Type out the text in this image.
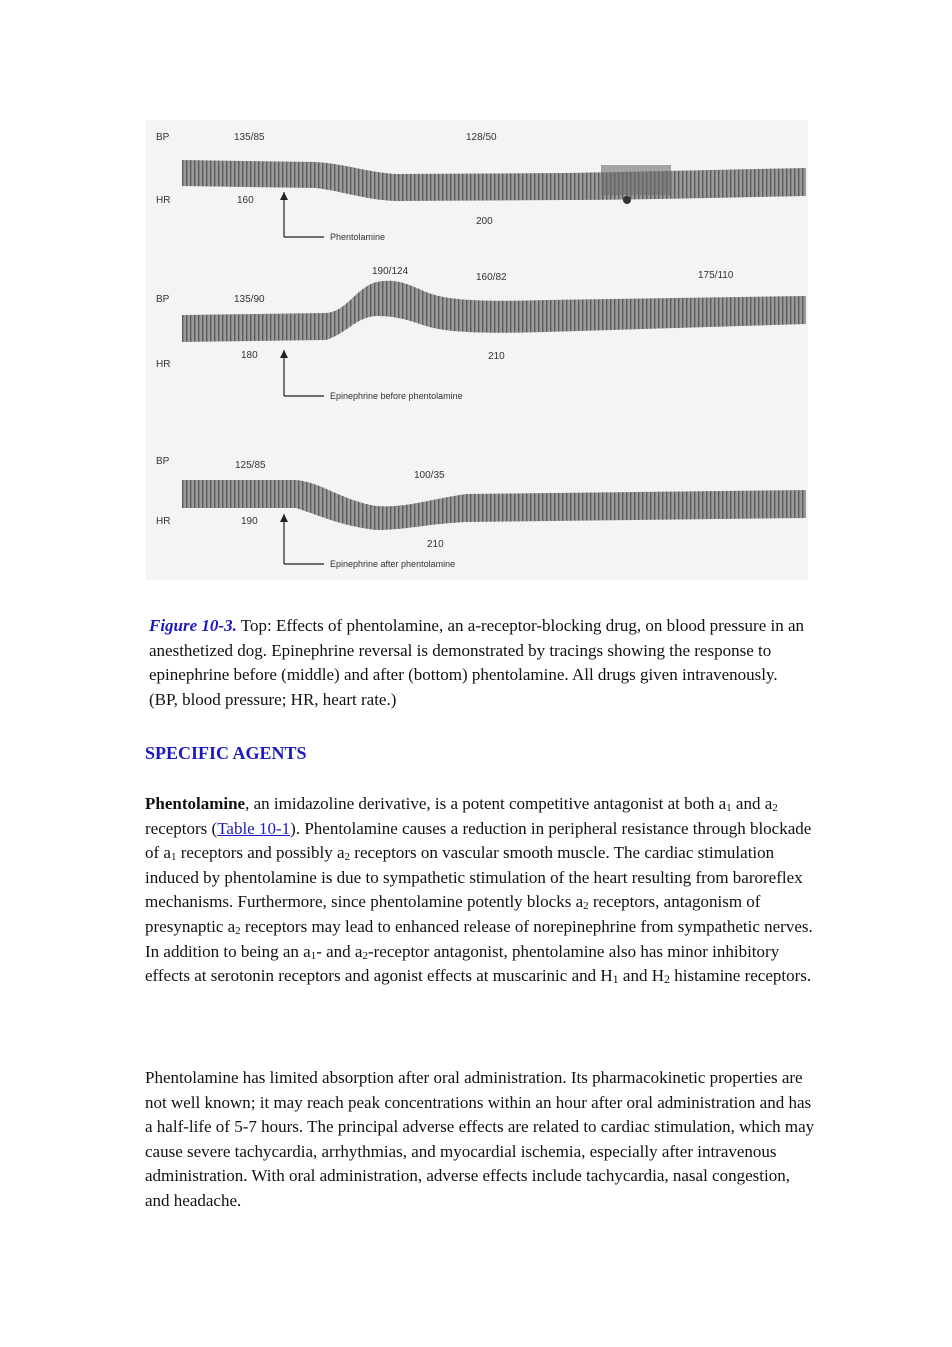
BP
HR
135/85	128/50
160
200
Phentolamine
BP
HR
135/90
190/124
160/82	175/110
180	210
Epinephrine before phentolamine
BP
HR
125/85
100/35
190
210
Epinephrine after phentolamine
Figure 10-3. Top: Effects of phentolamine, an a-receptor-blocking drug, on blood pressure in an anesthetized dog. Epinephrine reversal is demonstrated by tracings showing the response to epinephrine before (middle) and after (bottom) phentolamine. All drugs given intravenously. (BP, blood pressure; HR, heart rate.)
SPECIFIC AGENTS
Phentolamine, an imidazoline derivative, is a potent competitive antagonist at both $a_1$ and $a_2$ receptors (Table 10-1). Phentolamine causes a reduction in peripheral resistance through blockade of $a_1$ receptors and possibly $a_2$ receptors on vascular smooth muscle. The cardiac stimulation induced by phentolamine is due to sympathetic stimulation of the heart resulting from baroreflex mechanisms. Furthermore, since phentolamine potently blocks $a_2$ receptors, antagonism of presynaptic $a_2$ receptors may lead to enhanced release of norepinephrine from sympathetic nerves. In addition to being an $a_1-$ and $a_2$-receptor antagonist, phentolamine also has minor inhibitory effects at serotonin receptors and agonist effects at muscarinic and $H_1$ and $H_2$ histamine receptors.
Phentolamine has limited absorption after oral administration. Its pharmacokinetic properties are not well known; it may reach peak concentrations within an hour after oral administration and has a half-life of 5-7 hours. The principal adverse effects are related to cardiac stimulation, which may cause severe tachycardia, arrhythmias, and myocardial ischemia, especially after intravenous administration. With oral administration, adverse effects include tachycardia, nasal congestion, and headache.
